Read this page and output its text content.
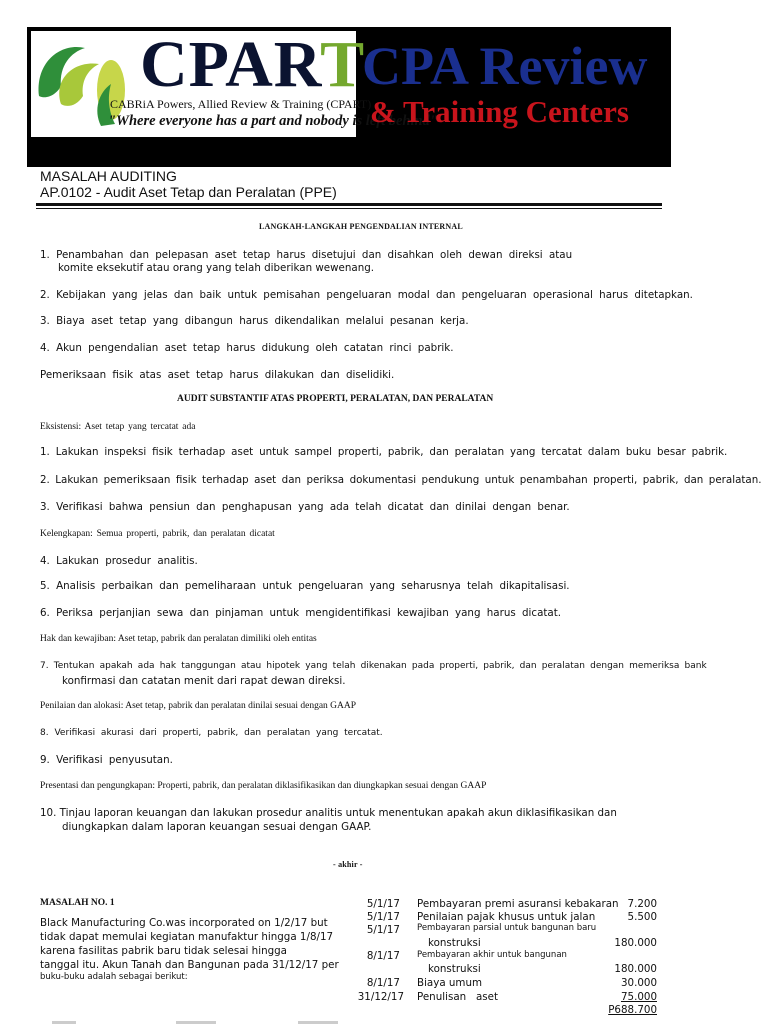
CPART
CABRiA Powers, Allied Review & Training (CPART)
"Where everyone has a part and nobody is left behind"
CPA Review
& Training Centers
MASALAH AUDITING
AP.0102 - Audit Aset Tetap dan Peralatan (PPE)
LANGKAH-LANGKAH PENGENDALIAN INTERNAL
1. Penambahan dan pelepasan aset tetap harus disetujui dan disahkan oleh dewan direksi atau
komite eksekutif atau orang yang telah diberikan wewenang.
2. Kebijakan yang jelas dan baik untuk pemisahan pengeluaran modal dan pengeluaran operasional harus ditetapkan.
3. Biaya aset tetap yang dibangun harus dikendalikan melalui pesanan kerja.
4. Akun pengendalian aset tetap harus didukung oleh catatan rinci pabrik.
Pemeriksaan fisik atas aset tetap harus dilakukan dan diselidiki.
AUDIT SUBSTANTIF ATAS PROPERTI, PERALATAN, DAN PERALATAN
Eksistensi: Aset tetap yang tercatat ada
1. Lakukan inspeksi fisik terhadap aset untuk sampel properti, pabrik, dan peralatan yang tercatat dalam buku besar pabrik.
2. Lakukan pemeriksaan fisik terhadap aset dan periksa dokumentasi pendukung untuk penambahan properti, pabrik, dan peralatan.
3. Verifikasi bahwa pensiun dan penghapusan yang ada telah dicatat dan dinilai dengan benar.
Kelengkapan: Semua properti, pabrik, dan peralatan dicatat
4. Lakukan prosedur analitis.
5. Analisis perbaikan dan pemeliharaan untuk pengeluaran yang seharusnya telah dikapitalisasi.
6. Periksa perjanjian sewa dan pinjaman untuk mengidentifikasi kewajiban yang harus dicatat.
Hak dan kewajiban: Aset tetap, pabrik dan peralatan dimiliki oleh entitas
7. Tentukan apakah ada hak tanggungan atau hipotek yang telah dikenakan pada properti, pabrik, dan peralatan dengan memeriksa bank
konfirmasi dan catatan menit dari rapat dewan direksi.
Penilaian dan alokasi: Aset tetap, pabrik dan peralatan dinilai sesuai dengan GAAP
8. Verifikasi akurasi dari properti, pabrik, dan peralatan yang tercatat.
9. Verifikasi penyusutan.
Presentasi dan pengungkapan: Properti, pabrik, dan peralatan diklasifikasikan dan diungkapkan sesuai dengan GAAP
10. Tinjau laporan keuangan dan lakukan prosedur analitis untuk menentukan apakah akun diklasifikasikan dan
diungkapkan dalam laporan keuangan sesuai dengan GAAP.
- akhir -
MASALAH NO. 1
Black Manufacturing Co.was incorporated on 1/2/17 but
tidak dapat memulai kegiatan manufaktur hingga 1/8/17
karena fasilitas pabrik baru tidak selesai hingga
tanggal itu. Akun Tanah dan Bangunan pada 31/12/17 per
buku-buku adalah sebagai berikut:
5/1/17 Pembayaran premi asuransi kebakaran 7.200
5/1/17 Penilaian pajak khusus untuk jalan	5.500
5/1/17 Pembayaran parsial untuk bangunan baru
konstruksi	180.000
8/1/17 Pembayaran akhir untuk bangunan
konstruksi	180.000
8/1/17 Biaya umum	30.000
31/12/17 Penulisan   aset	75.000
P688.700
